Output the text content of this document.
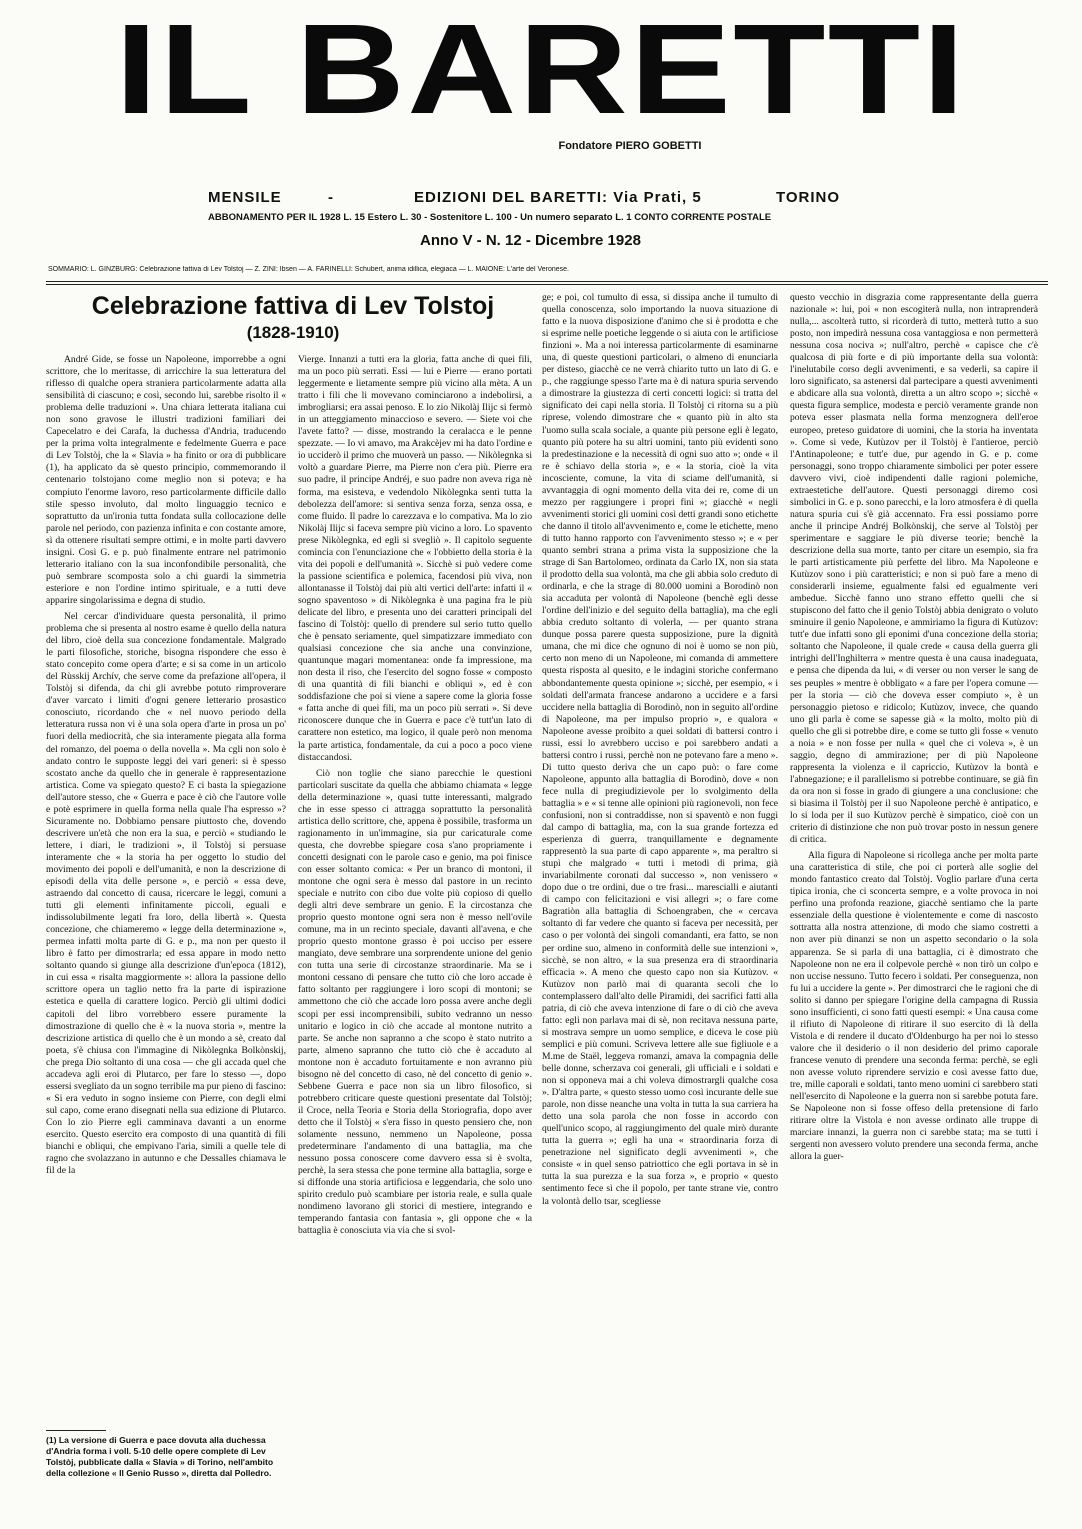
IL BARETTI
Fondatore PIERO GOBETTI
MENSILE	-	EDIZIONI DEL BARETTI: Via Prati, 5	TORINO
ABBONAMENTO PER IL 1928 L. 15 Estero L. 30 - Sostenitore L. 100 - Un numero separato L. 1 CONTO CORRENTE POSTALE
Anno V - N. 12 - Dicembre 1928
SOMMARIO: L. GINZBURG: Celebrazione fattiva di Lev Tolstoj — Z. ZINI: Ibsen — A. FARINELLI: Schubert, anima idillica, elegiaca — L. MAIONE: L'arte del Veronese.
Celebrazione fattiva di Lev Tolstoj
(1828-1910)

André Gide, se fosse un Napoleone, imporrebbe a ogni scrittore, che lo meritasse, di arricchire la sua letteratura del riflesso di qualche opera straniera particolarmente adatta alla sensibilità di ciascuno; e così, secondo lui, sarebbe risolto il « problema delle traduzioni ». Una chiara letterata italiana cui non sono gravose le illustri tradizioni familiari dei Capecelatro e dei Carafa, la duchessa d'Andria, traducendo per la prima volta integralmente e fedelmente Guerra e pace di Lev Tolstòj, che la « Slavia » ha finito or ora di pubblicare (1), ha applicato da sè questo principio, commemorando il centenario tolstojano come meglio non si poteva; e ha compiuto l'enorme lavoro, reso particolarmente difficile dallo stile spesso involuto, dal molto linguaggio tecnico e soprattutto da un'ironia tutta fondata sulla collocazione delle parole nel periodo, con pazienza infinita e con costante amore, sì da ottenere risultati sempre ottimi, e in molte parti davvero insigni. Così G. e p. può finalmente entrare nel patrimonio letterario italiano con la sua inconfondibile personalità, che può sembrare scomposta solo a chi guardi la simmetria esteriore e non l'ordine intimo spirituale, e a tutti deve apparire singolarissima e degna di studio.

Nel cercar d'individuare questa personalità, il primo problema che si presenta al nostro esame è quello della natura del libro, cioè della sua concezione fondamentale. Malgrado le parti filosofiche, storiche, bisogna rispondere che esso è stato concepito come opera d'arte; e si sa come in un articolo del Rùsskij Archív, che serve come da prefazione all'opera, il Tolstòj si difenda, da chi gli avrebbe potuto rimproverare d'aver varcato i limiti d'ogni genere letterario prosastico conosciuto, ricordando che « nel nuovo periodo della letteratura russa non vi è una sola opera d'arte in prosa un po' fuori della mediocrità, che sia interamente piegata alla forma del romanzo, del poema o della novella ». Ma cgli non solo è andato contro le supposte leggi dei vari generi: si è spesso scostato anche da quello che in generale è rappresentazione artistica. Come va spiegato questo? E ci basta la spiegazione dell'autore stesso, che « Guerra e pace è ciò che l'autore volle e potè esprimere in quella forma nella quale l'ha espresso »? Sicuramente no. Dobbiamo pensare piuttosto che, dovendo descrivere un'età che non era la sua, e perciò « studiando le lettere, i diari, le tradizioni », il Tolstòj si persuase interamente che « la storia ha per oggetto lo studio del movimento dei popoli e dell'umanità, e non la descrizione di episodi della vita delle persone », e perciò « essa deve, astraendo dal concetto di causa, ricercare le leggi, comuni a tutti gli elementi infinitamente piccoli, eguali e indissolubilmente legati fra loro, della libertà ». Questa concezione, che chiameremo « legge della determinazione », permea infatti molta parte di G. e p., ma non per questo il libro è fatto per dimostrarla; ed essa appare in modo netto soltanto quando si giunge alla descrizione d'un'epoca (1812), in cui essa « risalta maggiormente »: allora la passione dello scrittore opera un taglio netto fra la parte di ispirazione estetica e quella di carattere logico. Perciò gli ultimi dodici capitoli del libro vorrebbero essere puramente la dimostrazione di quello che è « la nuova storia », mentre la descrizione artistica di quello che è un mondo a sè, creato dal poeta, s'è chiusa con l'immagine di Nikòlegnka Bolkònskij, che prega Dio soltanto di una cosa — che gli accada quel che accadeva agli eroi di Plutarco, per fare lo stesso —, dopo essersi svegliato da un sogno terribile ma pur pieno di fascino: « Si era veduto in sogno insieme con Pierre, con degli elmi sul capo, come erano disegnati nella sua edizione di Plutarco. Con lo zio Pierre egli camminava davanti a un enorme esercito. Questo esercito era composto di una quantità di fili bianchi e obliqui, che empivano l'aria, simili a quelle tele di ragno che svolazzano in autunno e che Dessalles chiamava le fil de la

Vierge. Innanzi a tutti era la gloria, fatta anche di quei fili, ma un poco più serrati. Essi — lui e Pierre — erano portati leggermente e lietamente sempre più vicino alla mèta. A un tratto i fili che li movevano cominciarono a indebolirsi, a imbrogliarsi; era assai penoso. E lo zio Nikolàj Ilijc si fermò in un atteggiamento minaccioso e severo. — Siete voi che l'avete fatto? — disse, mostrando la ceralacca e le penne spezzate. — Io vi amavo, ma Arakcèjev mi ha dato l'ordine e io ucciderò il primo che muoverà un passo. — Nikòlegnka si voltò a guardare Pierre, ma Pierre non c'era più. Pierre era suo padre, il principe Andréj, e suo padre non aveva riga nè forma, ma esisteva, e vedendolo Nikòlegnka sentì tutta la debolezza dell'amore: si sentiva senza forza, senza ossa, e come fluido. Il padre lo carezzava e lo compativa. Ma lo zio Nikolàj Ilijc si faceva sempre più vicino a loro. Lo spavento prese Nikòlegnka, ed egli si svegliò ». Il capitolo seguente comincia con l'enunciazione che « l'obbietto della storia è la vita dei popoli e dell'umanità ». Sicchè si può vedere come la passione scientifica e polemica, facendosi più viva, non allontanasse il Tolstòj dai più alti vertici dell'arte: infatti il « sogno spaventoso » di Nikòlegnka è una pagina fra le più delicate del libro, e presenta uno dei caratteri principali del fascino di Tolstòj: quello di prendere sul serio tutto quello che è pensato seriamente, quel simpatizzare immediato con qualsiasi concezione che sia anche una convinzione, quantunque magari momentanea: onde fa impressione, ma non desta il riso, che l'esercito del sogno fosse « composto di una quantità di fili bianchi e obliqui », ed è con soddisfazione che poi si viene a sapere come la gloria fosse « fatta anche di quei fili, ma un poco più serrati ». Si deve riconoscere dunque che in Guerra e pace c'è tutt'un lato di carattere non estetico, ma logico, il quale però non menoma la parte artistica, fondamentale, da cui a poco a poco viene distaccandosi.

Ciò non toglie che siano parecchie le questioni particolari suscitate da quella che abbiamo chiamata « legge della determinazione », quasi tutte interessanti, malgrado che in esse spesso ci attragga soprattutto la personalità artistica dello scrittore, che, appena è possibile, trasforma un ragionamento in un'immagine, sia pur caricaturale come questa, che dovrebbe spiegare cosa s'ano propriamente i concetti designati con le parole caso e genio, ma poi finisce con esser soltanto comica: « Per un branco di montoni, il montone che ogni sera è messo dal pastore in un recinto speciale e nutrito con cibo due volte più copioso di quello degli altri deve sembrare un genio. E la circostanza che proprio questo montone ogni sera non è messo nell'ovile comune, ma in un recinto speciale, davanti all'avena, e che proprio questo montone grasso è poi ucciso per essere mangiato, deve sembrare una sorprendente unione del genio con tutta una serie di circostanze straordinarie. Ma se i montoni cessano di pensare che tutto ciò che loro accade è fatto soltanto per raggiungere i loro scopi di montoni; se ammettono che ciò che accade loro possa avere anche degli scopi per essi incomprensibili, subito vedranno un nesso unitario e logico in ciò che accade al montone nutrito a parte. Se anche non sapranno a che scopo è stato nutrito a parte, almeno sapranno che tutto ciò che è accaduto al montone non è accaduto fortuitamente e non avranno più bisogno nè del concetto di caso, nè del concetto di genio ». Sebbene Guerra e pace non sia un libro filosofico, si potrebbero criticare queste questioni presentate dal Tolstòj; il Croce, nella Teoria e Storia della Storiografia, dopo aver detto che il Tolstòj « s'era fisso in questo pensiero che, non solamente nessuno, nemmeno un Napoleone, possa predeterminare l'andamento di una battaglia, ma che nessuno possa conoscere come davvero essa si è svolta, perchè, la sera stessa che pone termine alla battaglia, sorge e si diffonde una storia artificiosa e leggendaria, che solo uno spirito credulo può scambiare per istoria reale, e sulla quale nondimeno lavorano gli storici di mestiere, integrando e temperando fantasia con fantasia », gli oppone che « la battaglia è conosciuta via via che si svol-

ge; e poi, col tumulto di essa, si dissipa anche il tumulto di quella conoscenza, solo importando la nuova situazione di fatto e la nuova disposizione d'animo che si è prodotta e che si esprime nelle poetiche leggende o si aiuta con le artificiose finzioni ». Ma a noi interessa particolarmente di esaminarne una, di queste questioni particolari, o almeno di enunciarla per disteso, giacchè ce ne verrà chiarito tutto un lato di G. e p., che raggiunge spesso l'arte ma è di natura spuria servendo a dimostrare la giustezza di certi concetti logici: si tratta del significato dei capi nella storia. Il Tolstòj ci ritorna su a più riprese, volendo dimostrare che « quanto più in alto sta l'uomo sulla scala sociale, a quante più persone egli è legato, quanto più potere ha su altri uomini, tanto più evidenti sono la predestinazione e la necessità di ogni suo atto »; onde « il re è schiavo della storia », e « la storia, cioè la vita incosciente, comune, la vita di sciame dell'umanità, si avvantaggia di ogni momento della vita dei re, come di un mezzo per raggiungere i propri fini »; giacchè « negli avvenimenti storici gli uomini così detti grandi sono etichette che danno il titolo all'avvenimento e, come le etichette, meno di tutto hanno rapporto con l'avvenimento stesso »; e « per quanto sembri strana a prima vista la supposizione che la strage di San Bartolomeo, ordinata da Carlo IX, non sia stata il prodotto della sua volontà, ma che gli abbia solo creduto di ordinarla, e che la strage di 80.000 uomini a Borodinò non sia accaduta per volontà di Napoleone (benchè egli desse l'ordine dell'inizio e del seguito della battaglia), ma che egli abbia creduto soltanto di volerla, — per quanto strana dunque possa parere questa supposizione, pure la dignità umana, che mi dice che ognuno di noi è uomo se non più, certo non meno di un Napoleone, mi comanda di ammettere questa risposta al quesito, e le indagini storiche confermano abbondantemente questa opinione »; sicchè, per esempio, « i soldati dell'armata francese andarono a uccidere e a farsi uccidere nella battaglia di Borodinò, non in seguito all'ordine di Napoleone, ma per impulso proprio », e qualora « Napoleone avesse proibito a quei soldati di battersi contro i russi, essi lo avrebbero ucciso e poi sarebbero andati a battersi contro i russi, perchè non ne potevano fare a meno ». Di tutto questo deriva che un capo può: o fare come Napoleone, appunto alla battaglia di Borodinò, dove « non fece nulla di pregiudizievole per lo svolgimento della battaglia » e « si tenne alle opinioni più ragionevoli, non fece confusioni, non si contraddisse, non si spaventò e non fuggì dal campo di battaglia, ma, con la sua grande fortezza ed esperienza di guerra, tranquillamente e degnamente rappresentò la sua parte di capo apparente », ma peraltro si stupì che malgrado « tutti i metodi di prima, già invariabilmente coronati dal successo », non venissero « dopo due o tre ordini, due o tre frasi... marescialli e aiutanti di campo con felicitazioni e visi allegri »; o fare come Bagratiòn alla battaglia di Schoengraben, che « cercava soltanto di far vedere che quanto si faceva per necessità, per caso o per volontà dei singoli comandanti, era fatto, se non per ordine suo, almeno in conformità delle sue intenzioni », sicchè, se non altro, « la sua presenza era di straordinaria efficacia ». A meno che questo capo non sia Kutùzov. « Kutùzov non parlò mai di quaranta secoli che lo contemplassero dall'alto delle Piramidi, dei sacrifici fatti alla patria, di ciò che aveva intenzione di fare o di ciò che aveva fatto: egli non parlava mai di sè, non recitava nessuna parte, si mostrava sempre un uomo semplice, e diceva le cose più semplici e più comuni. Scriveva lettere alle sue figliuole e a M.me de Staël, leggeva romanzi, amava la compagnia delle belle donne, scherzava coi generali, gli ufficiali e i soldati e non si opponeva mai a chi voleva dimostrargli qualche cosa ». D'altra parte, « questo stesso uomo così incurante delle sue parole, non disse neanche una volta in tutta la sua carriera ha detto una sola parola che non fosse in accordo con quell'unico scopo, al raggiungimento del quale mirò durante tutta la guerra »; egli ha una « straordinaria forza di penetrazione nel significato degli avvenimenti », che consiste « in quel senso patriottico che egli portava in sè in tutta la sua purezza e la sua forza », e proprio « questo sentimento fece sì che il popolo, per tante strane vie, contro la volontà dello tsar, scegliesse

questo vecchio in disgrazia come rappresentante della guerra nazionale »: lui, poi « non escogiterà nulla, non intraprenderà nulla,... ascolterà tutto, si ricorderà di tutto, metterà tutto a suo posto, non impedirà nessuna cosa vantaggiosa e non permetterà nessuna cosa nociva »; null'altro, perchè « capisce che c'è qualcosa di più forte e di più importante della sua volontà: l'inelutabile corso degli avvenimenti, e sa vederli, sa capire il loro significato, sa astenersi dal partecipare a questi avvenimenti e abdicare alla sua volontà, diretta a un altro scopo »; sicchè « questa figura semplice, modesta e perciò veramente grande non poteva esser plasmata nella forma menzognera dell'eroe europeo, preteso guidatore di uomini, che la storia ha inventata ». Come si vede, Kutùzov per il Tolstòj è l'antieroe, perciò l'Antinapoleone; e tutt'e due, pur agendo in G. e p. come personaggi, sono troppo chiaramente simbolici per poter essere davvero vivi, cioè indipendenti dalle ragioni polemiche, extraestetiche dell'autore. Questi personaggi diremo così simbolici in G. e p. sono parecchi, e la loro atmosfera è di quella natura spuria cui s'è già accennato. Fra essi possiamo porre anche il principe Andréj Bolkònskij, che serve al Tolstòj per sperimentare e saggiare le più diverse teorie; benchè la descrizione della sua morte, tanto per citare un esempio, sia fra le parti artisticamente più perfette del libro. Ma Napoleone e Kutùzov sono i più caratteristici; e non si può fare a meno di considerarli insieme, egualmente falsi ed egualmente veri ambedue. Sicchè fanno uno strano effetto quelli che si stupiscono del fatto che il genio Tolstòj abbia denigrato o voluto sminuire il genio Napoleone, e ammiriamo la figura di Kutùzov: tutt'e due infatti sono gli eponimi d'una concezione della storia; soltanto che Napoleone, il quale crede « causa della guerra gli intrighi dell'Inghilterra » mentre questa è una causa inadeguata, e pensa che dipenda da lui, « di verser ou non verser le sang de ses peuples » mentre è obbligato « a fare per l'opera comune — per la storia — ciò che doveva esser compiuto », è un personaggio pietoso e ridicolo; Kutùzov, invece, che quando uno gli parla è come se sapesse già « la molto, molto più di quello che gli si potrebbe dire, e come se tutto gli fosse « venuto a noia » e non fosse per nulla « quel che ci voleva », è un saggio, degno di ammirazione; per di più Napoleone rappresenta la violenza e il capriccio, Kutùzov la bontà e l'abnegazione; e il parallelismo si potrebbe continuare, se già fin da ora non si fosse in grado di giungere a una conclusione: che si biasima il Tolstòj per il suo Napoleone perchè è antipatico, e lo si loda per il suo Kutùzov perchè è simpatico, cioè con un criterio di distinzione che non può trovar posto in nessun genere di critica.

Alla figura di Napoleone si ricollega anche per molta parte una caratteristica di stile, che poi ci porterà alle soglie del mondo fantastico creato dal Tolstòj. Voglio parlare d'una certa tipica ironia, che ci sconcerta sempre, e a volte provoca in noi perfino una profonda reazione, giacchè sentiamo che la parte essenziale della questione è violentemente e come di nascosto sottratta alla nostra attenzione, di modo che siamo costretti a non aver più dinanzi se non un aspetto secondario o la sola apparenza. Se si parla di una battaglia, ci è dimostrato che Napoleone non ne era il colpevole perchè « non tirò un colpo e non uccise nessuno. Tutto fecero i soldati. Per conseguenza, non fu lui a uccidere la gente ». Per dimostrarci che le ragioni che di solito si danno per spiegare l'origine della campagna di Russia sono insufficienti, ci sono fatti questi esempi: « Una causa come il rifiuto di Napoleone di ritirare il suo esercito di là della Vistola e di rendere il ducato d'Oldenburgo ha per noi lo stesso valore che il desiderio o il non desiderio del primo caporale francese venuto di prendere una seconda ferma: perchè, se egli non avesse voluto riprendere servizio e così avesse fatto due, tre, mille caporali e soldati, tanto meno uomini ci sarebbero stati nell'esercito di Napoleone e la guerra non si sarebbe potuta fare. Se Napoleone non si fosse offeso della pretensione di farlo ritirare oltre la Vistola e non avesse ordinato alle truppe di marciare innanzi, la guerra non ci sarebbe stata; ma se tutti i sergenti non avessero voluto prendere una seconda ferma, anche allora la guer-

(1) La versione di Guerra e pace dovuta alla duchessa d'Andria forma i voll. 5-10 delle opere complete di Lev Tolstòj, pubblicate dalla « Slavia » di Torino, nell'ambito della collezione « Il Genio Russo », diretta dal Polledro.
